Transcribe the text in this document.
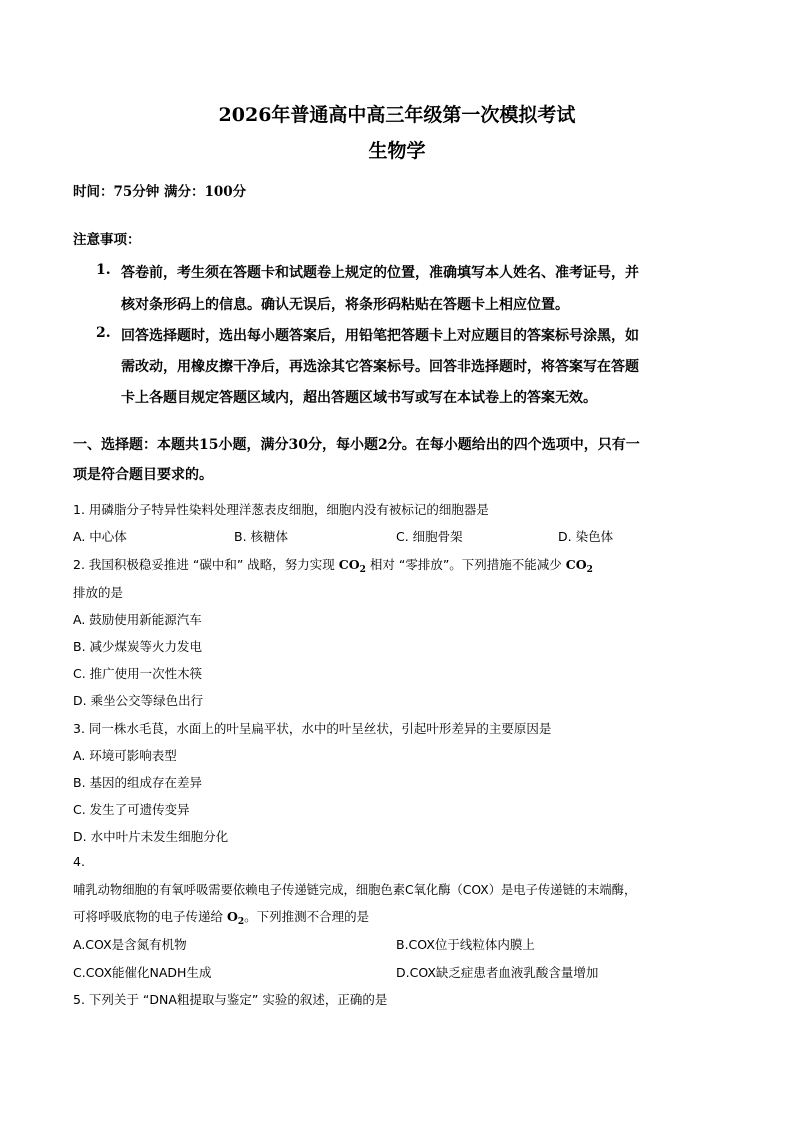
2026年普通高中高三年级第一次模拟考试
生物学
时间：75分钟 满分：100分
注意事项：
1. 答卷前，考生须在答题卡和试题卷上规定的位置，准确填写本人姓名、准考证号，并
核对条形码上的信息。确认无误后，将条形码粘贴在答题卡上相应位置。
2. 回答选择题时，选出每小题答案后，用铅笔把答题卡上对应题目的答案标号涂黑，如
需改动，用橡皮擦干净后，再选涂其它答案标号。回答非选择题时，将答案写在答题
卡上各题目规定答题区域内，超出答题区域书写或写在本试卷上的答案无效。
一、选择题：本题共15小题，满分30分，每小题2分。在每小题给出的四个选项中，只有一
项是符合题目要求的。
1. 用磷脂分子特异性染料处理洋葱表皮细胞，细胞内没有被标记的细胞器是
A. 中心体	B. 核糖体	C. 细胞骨架	D. 染色体
2. 我国积极稳妥推进 “碳中和” 战略，努力实现 $CO_2$ 相对 “零排放”。下列措施不能减少 $CO_2$
排放的是
A. 鼓励使用新能源汽车
B. 减少煤炭等火力发电
C. 推广使用一次性木筷
D. 乘坐公交等绿色出行
3. 同一株水毛茛，水面上的叶呈扁平状，水中的叶呈丝状，引起叶形差异的主要原因是
A. 环境可影响表型
B. 基因的组成存在差异
C. 发生了可遗传变异
D. 水中叶片未发生细胞分化
4.
哺乳动物细胞的有氧呼吸需要依赖电子传递链完成，细胞色素C氧化酶（COX）是电子传递链的末端酶，
可将呼吸底物的电子传递给 $O_2$。下列推测不合理的是
A.COX是含氮有机物	B.COX位于线粒体内膜上
C.COX能催化NADH生成	D.COX缺乏症患者血液乳酸含量增加
5. 下列关于 “DNA粗提取与鉴定” 实验的叙述，正确的是
